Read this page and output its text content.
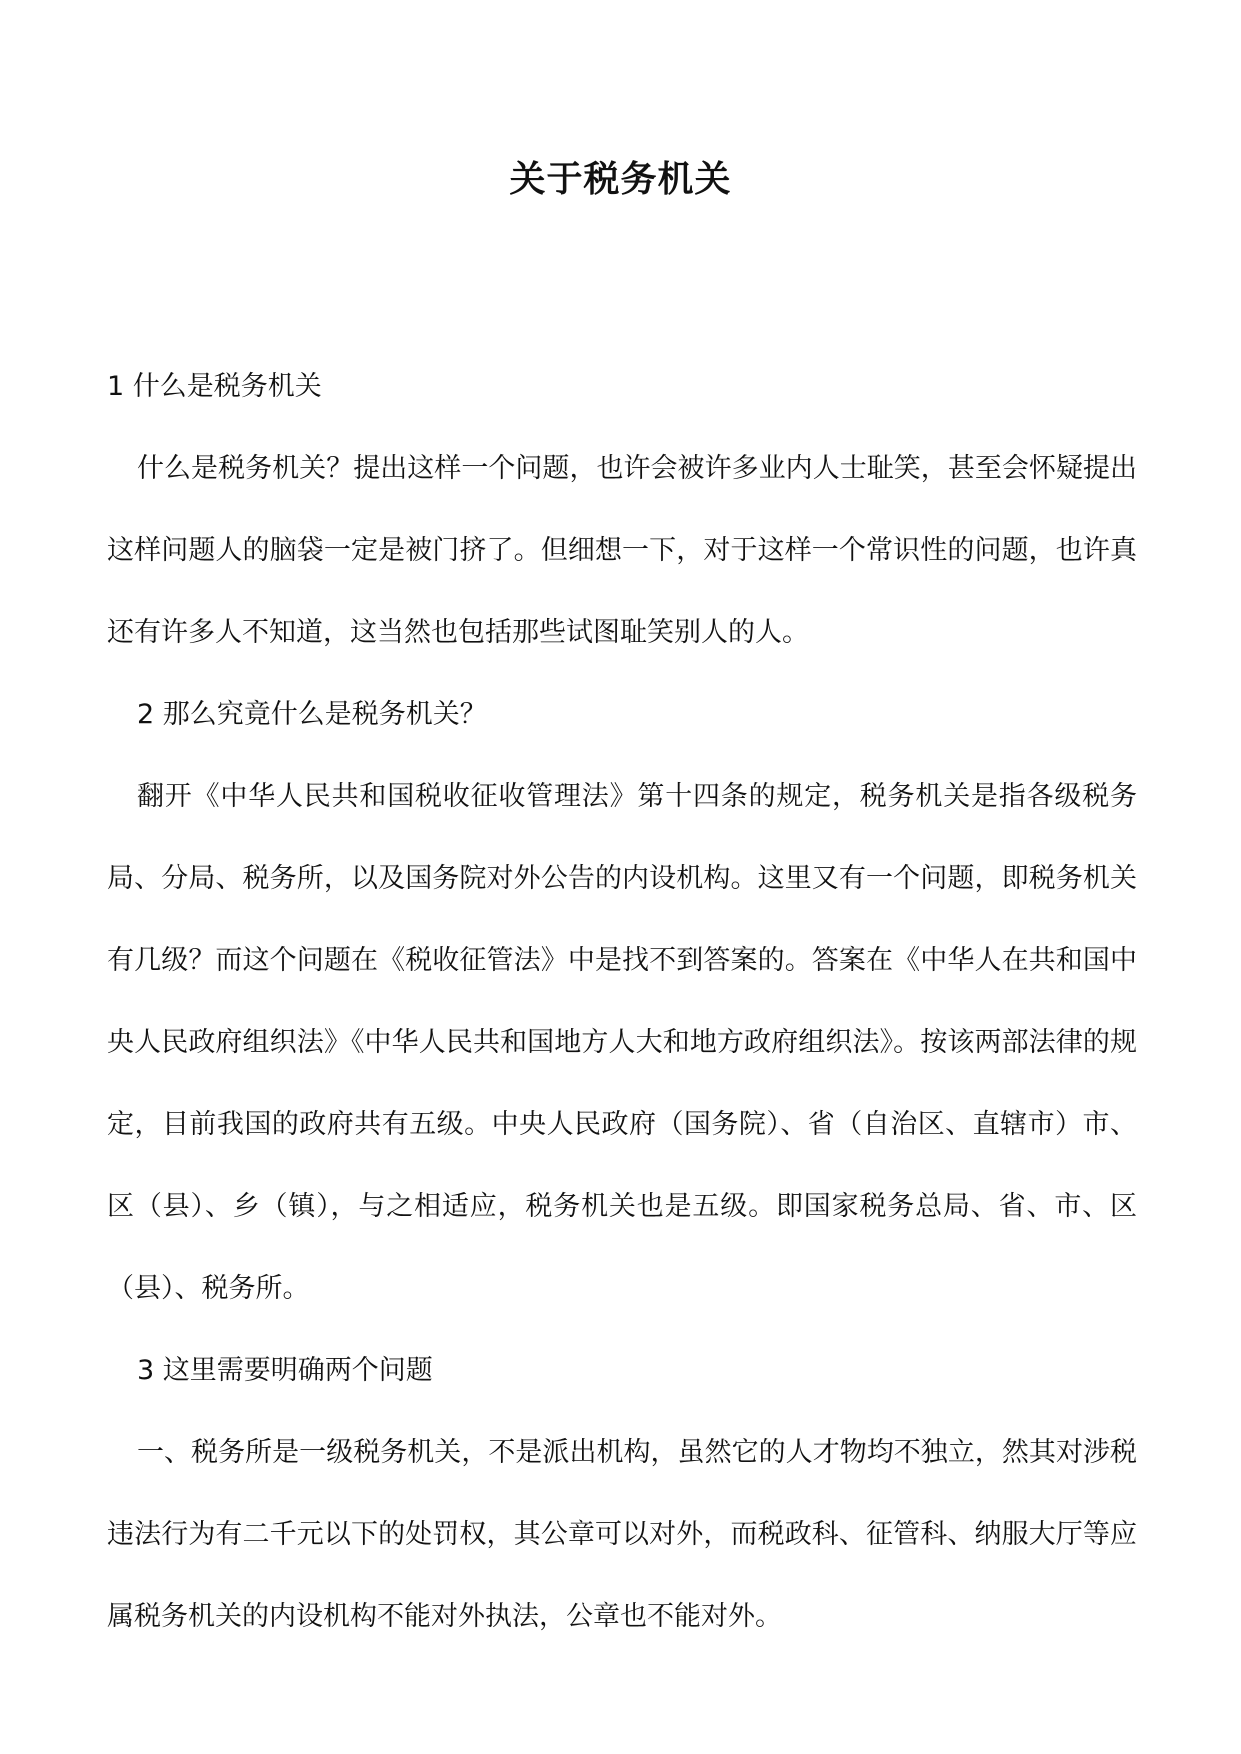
关于税务机关

1 什么是税务机关

什么是税务机关？提出这样一个问题，也许会被许多业内人士耻笑，甚至会怀疑提出这样问题人的脑袋一定是被门挤了。但细想一下，对于这样一个常识性的问题，也许真还有许多人不知道，这当然也包括那些试图耻笑别人的人。

2 那么究竟什么是税务机关？

翻开《中华人民共和国税收征收管理法》第十四条的规定，税务机关是指各级税务局、分局、税务所，以及国务院对外公告的内设机构。这里又有一个问题，即税务机关有几级？而这个问题在《税收征管法》中是找不到答案的。答案在《中华人在共和国中央人民政府组织法》《中华人民共和国地方人大和地方政府组织法》。按该两部法律的规定，目前我国的政府共有五级。中央人民政府（国务院）、省（自治区、直辖市）市、区（县）、乡（镇），与之相适应，税务机关也是五级。即国家税务总局、省、市、区（县）、税务所。

3 这里需要明确两个问题

一、税务所是一级税务机关，不是派出机构，虽然它的人才物均不独立，然其对涉税违法行为有二千元以下的处罚权，其公章可以对外，而税政科、征管科、纳服大厅等应属税务机关的内设机构不能对外执法，公章也不能对外。
